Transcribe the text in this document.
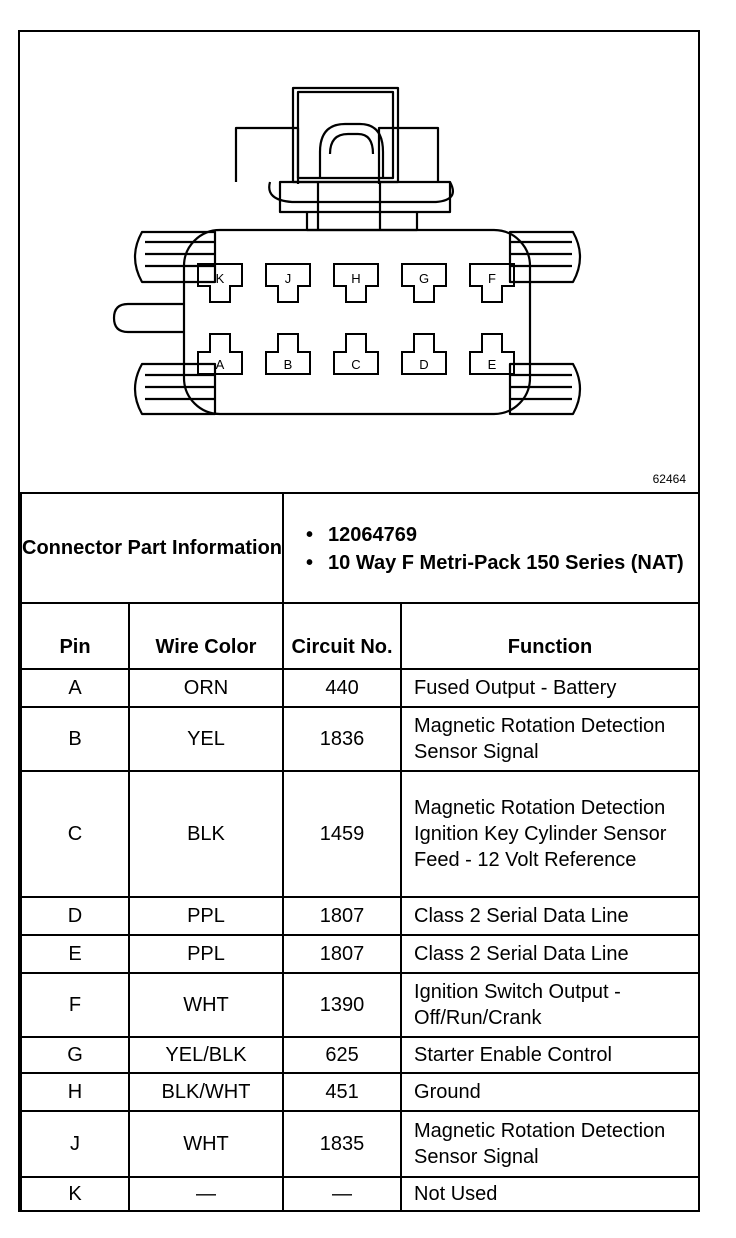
K	J	H	G	F
A	B	C	D	E
62464
Connector Part Information		• 12064769
• 10 Way F Metri-Pack 150 Series (NAT)	

Pin	Wire Color	Circuit No.	Function
A	ORN	440	Fused Output - Battery
B	YEL	1836	Magnetic Rotation Detection Sensor Signal
C	BLK	1459	Magnetic Rotation Detection Ignition Key Cylinder Sensor Feed - 12 Volt Reference
D	PPL	1807	Class 2 Serial Data Line
E	PPL	1807	Class 2 Serial Data Line
F	WHT	1390	Ignition Switch Output - Off/Run/Crank
G	YEL/BLK	625	Starter Enable Control
H	BLK/WHT	451	Ground
J	WHT	1835	Magnetic Rotation Detection Sensor Signal
K	—	—	Not Used
